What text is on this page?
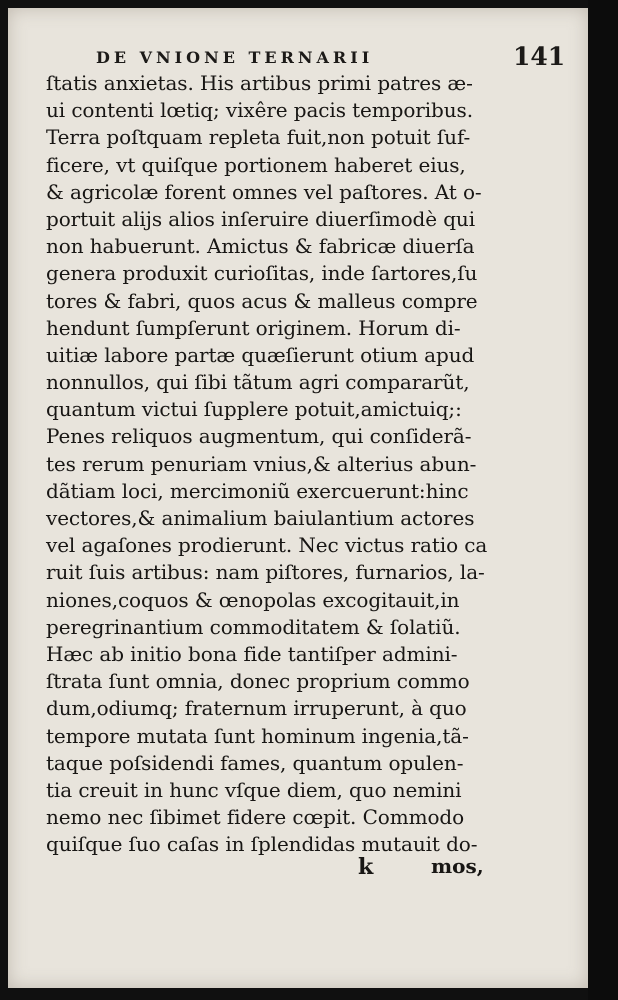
DE VNIONE TERNARII	141
ſtatis anxietas. His artibus primi patres æ-
ui contenti lœtiq; vixêre pacis temporibus.
Terra poſtquam repleta fuit,non potuit ſuf-
ficere, vt quiſque portionem haberet eius,
& agricolæ forent omnes vel paſtores. At o-
portuit alijs alios inſeruire diuerſimodè qui
non habuerunt. Amictus & fabricæ diuerſa
genera produxit curioſitas, inde ſartores,ſu
tores & fabri, quos acus & malleus compre
hendunt ſumpſerunt originem. Horum di-
uitiæ labore partæ quæſierunt otium apud
nonnullos, qui ſibi tãtum agri compararũt,
quantum victui ſupplere potuit,amictuiq;:
Penes reliquos augmentum, qui conſiderã-
tes rerum penuriam vnius,& alterius abun-
dãtiam loci, mercimoniũ exercuerunt:hinc
vectores,& animalium baiulantium actores
vel agaſones prodierunt. Nec victus ratio ca
ruit ſuis artibus: nam piſtores, furnarios, la-
niones,coquos & œnopolas excogitauit,in
peregrinantium commoditatem & ſolatiũ.
Hæc ab initio bona fide tantiſper admini-
ſtrata ſunt omnia, donec proprium commo
dum,odiumq; fraternum irruperunt, à quo
tempore mutata ſunt hominum ingenia,tã-
taque poſsidendi fames, quantum opulen-
tia creuit in hunc vſque diem, quo nemini
nemo nec ſibimet fidere cœpit. Commodo
quiſque ſuo caſas in ſplendidas mutauit do-
k	mos,
